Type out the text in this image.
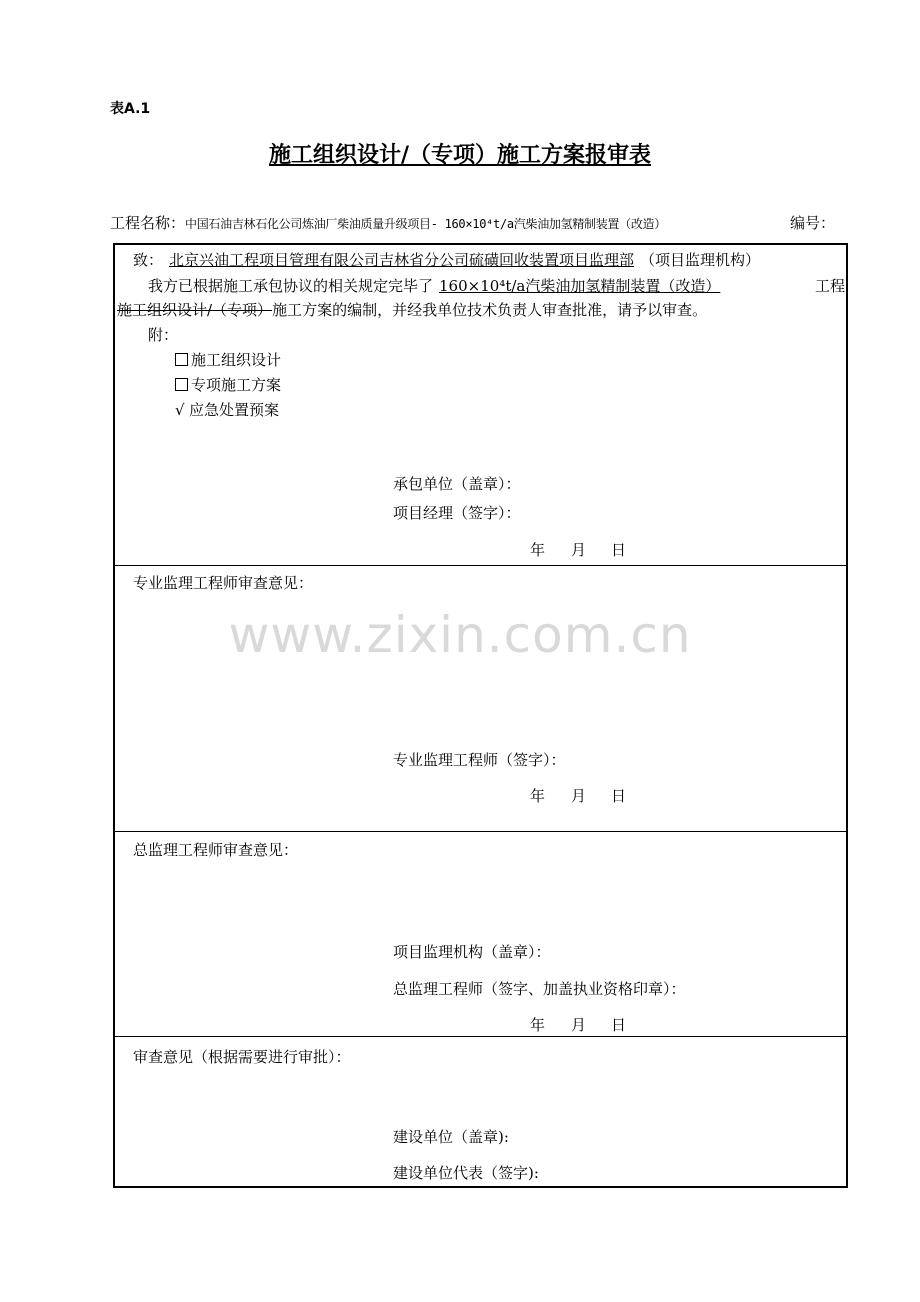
表A.1
施工组织设计/（专项）施工方案报审表
工程名称：中国石油吉林石化公司炼油厂柴油质量升级项目- 160×10⁴t/a汽柴油加氢精制装置（改造）	编号：
www.zixin.com.cn
致： 北京兴油工程项目管理有限公司吉林省分公司硫磺回收装置项目监理部 （项目监理机构）
我方已根据施工承包协议的相关规定完毕了 160×10⁴t/a汽柴油加氢精制装置（改造）	工程
施工组织设计/（专项）施工方案的编制，并经我单位技术负责人审查批准，请予以审查。
附：
施工组织设计
专项施工方案
√ 应急处置预案
承包单位（盖章）：
项目经理（签字）：
年 月 日
专业监理工程师审查意见：
专业监理工程师（签字）：
年 月 日
总监理工程师审查意见：
项目监理机构（盖章）：
总监理工程师（签字、加盖执业资格印章）：
年 月 日
审查意见（根据需要进行审批）：
建设单位（盖章):
建设单位代表（签字):
